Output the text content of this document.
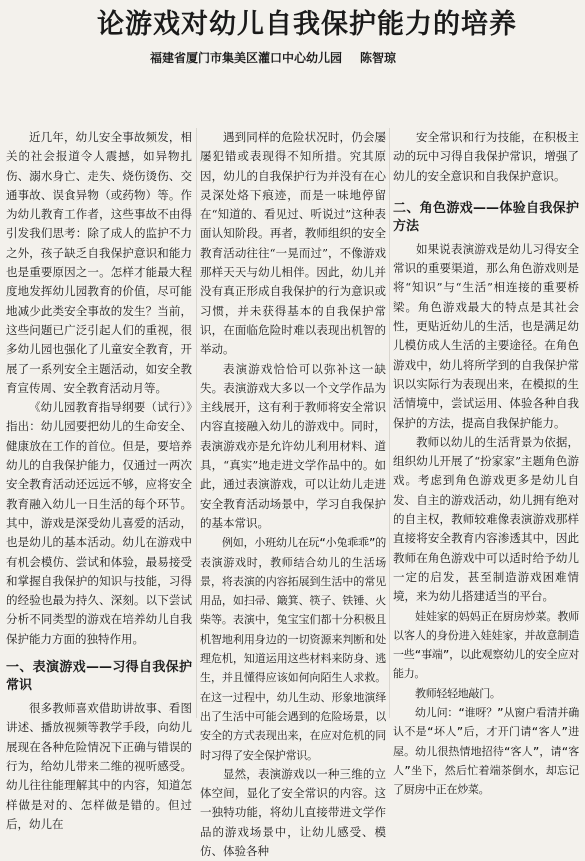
论游戏对幼儿自我保护能力的培养
福建省厦门市集美区灌口中心幼儿园 陈智琼

近几年，幼儿安全事故频发，相关的社会报道令人震撼，如异物扎伤、溺水身亡、走失、烧伤烫伤、交通事故、误食异物（或药物）等。作为幼儿教育工作者，这些事故不由得引发我们思考：除了成人的监护不力之外，孩子缺乏自我保护意识和能力也是重要原因之一。怎样才能最大程度地发挥幼儿园教育的价值，尽可能地减少此类安全事故的发生？当前，这些问题已广泛引起人们的重视，很多幼儿园也强化了儿童安全教育，开展了一系列安全主题活动，如安全教育宣传周、安全教育活动月等。

《幼儿园教育指导纲要（试行）》指出：幼儿园要把幼儿的生命安全、健康放在工作的首位。但是，要培养幼儿的自我保护能力，仅通过一两次安全教育活动还远远不够，应将安全教育融入幼儿一日生活的每个环节。其中，游戏是深受幼儿喜爱的活动，也是幼儿的基本活动。幼儿在游戏中有机会模仿、尝试和体验，最易接受和掌握自我保护的知识与技能，习得的经验也最为持久、深刻。以下尝试分析不同类型的游戏在培养幼儿自我保护能力方面的独特作用。

一、表演游戏——习得自我保护常识

很多教师喜欢借助讲故事、看图讲述、播放视频等教学手段，向幼儿展现在各种危险情况下正确与错误的行为，给幼儿带来二维的视听感受。幼儿往往能理解其中的内容，知道怎样做是对的、怎样做是错的。但过后，幼儿在

遇到同样的危险状况时，仍会屡屡犯错或表现得不知所措。究其原因，幼儿的自我保护行为并没有在心灵深处烙下痕迹，而是一味地停留在“知道的、看见过、听说过”这种表面认知阶段。再者，教师组织的安全教育活动往往“一晃而过”，不像游戏那样天天与幼儿相伴。因此，幼儿并没有真正形成自我保护的行为意识或习惯，并未获得基本的自我保护常识，在面临危险时难以表现出机智的举动。

表演游戏恰恰可以弥补这一缺失。表演游戏大多以一个文学作品为主线展开，这有利于教师将安全常识内容直接融入幼儿的游戏中。同时，表演游戏亦是允许幼儿利用材料、道具，“真实”地走进文学作品中的。如此，通过表演游戏，可以让幼儿走进安全教育活动场景中，学习自我保护的基本常识。

例如，小班幼儿在玩“小兔乖乖”的表演游戏时，教师结合幼儿的生活场景，将表演的内容拓展到生活中的常见用品，如扫帚、簸箕、筷子、铁锤、火柴等。表演中，兔宝宝们都十分积极且机智地利用身边的一切资源来判断和处理危机，知道运用这些材料来防身、逃生，并且懂得应该如何向陌生人求救。在这一过程中，幼儿生动、形象地演绎出了生活中可能会遇到的危险场景，以安全的方式表现出来，在应对危机的同时习得了安全保护常识。

显然，表演游戏以一种三维的立体空间，显化了安全常识的内容。这一独特功能，将幼儿直接带进文学作品的游戏场景中，让幼儿感受、模仿、体验各种

安全常识和行为技能，在积极主动的玩中习得自我保护常识，增强了幼儿的安全意识和自我保护意识。

二、角色游戏——体验自我保护方法

如果说表演游戏是幼儿习得安全常识的重要渠道，那么角色游戏则是将“知识”与“生活”相连接的重要桥梁。角色游戏最大的特点是其社会性，更贴近幼儿的生活，也是满足幼儿模仿成人生活的主要途径。在角色游戏中，幼儿将所学到的自我保护常识以实际行为表现出来，在模拟的生活情境中，尝试运用、体验各种自我保护的方法，提高自我保护能力。

教师以幼儿的生活背景为依据，组织幼儿开展了“扮家家”主题角色游戏。考虑到角色游戏更多是幼儿自发、自主的游戏活动，幼儿拥有绝对的自主权，教师较难像表演游戏那样直接将安全教育内容渗透其中，因此教师在角色游戏中可以适时给予幼儿一定的启发，甚至制造游戏困难情境，来为幼儿搭建适当的平台。

娃娃家的妈妈正在厨房炒菜。教师以客人的身份进入娃娃家，并故意制造一些“事端”，以此观察幼儿的安全应对能力。

教师轻轻地敲门。

幼儿问：“谁呀？”从窗户看清并确认不是“坏人”后，才开门请“客人”进屋。幼儿很热情地招待“客人”，请“客人”坐下，然后忙着端茶倒水，却忘记了厨房中正在炒菜。
